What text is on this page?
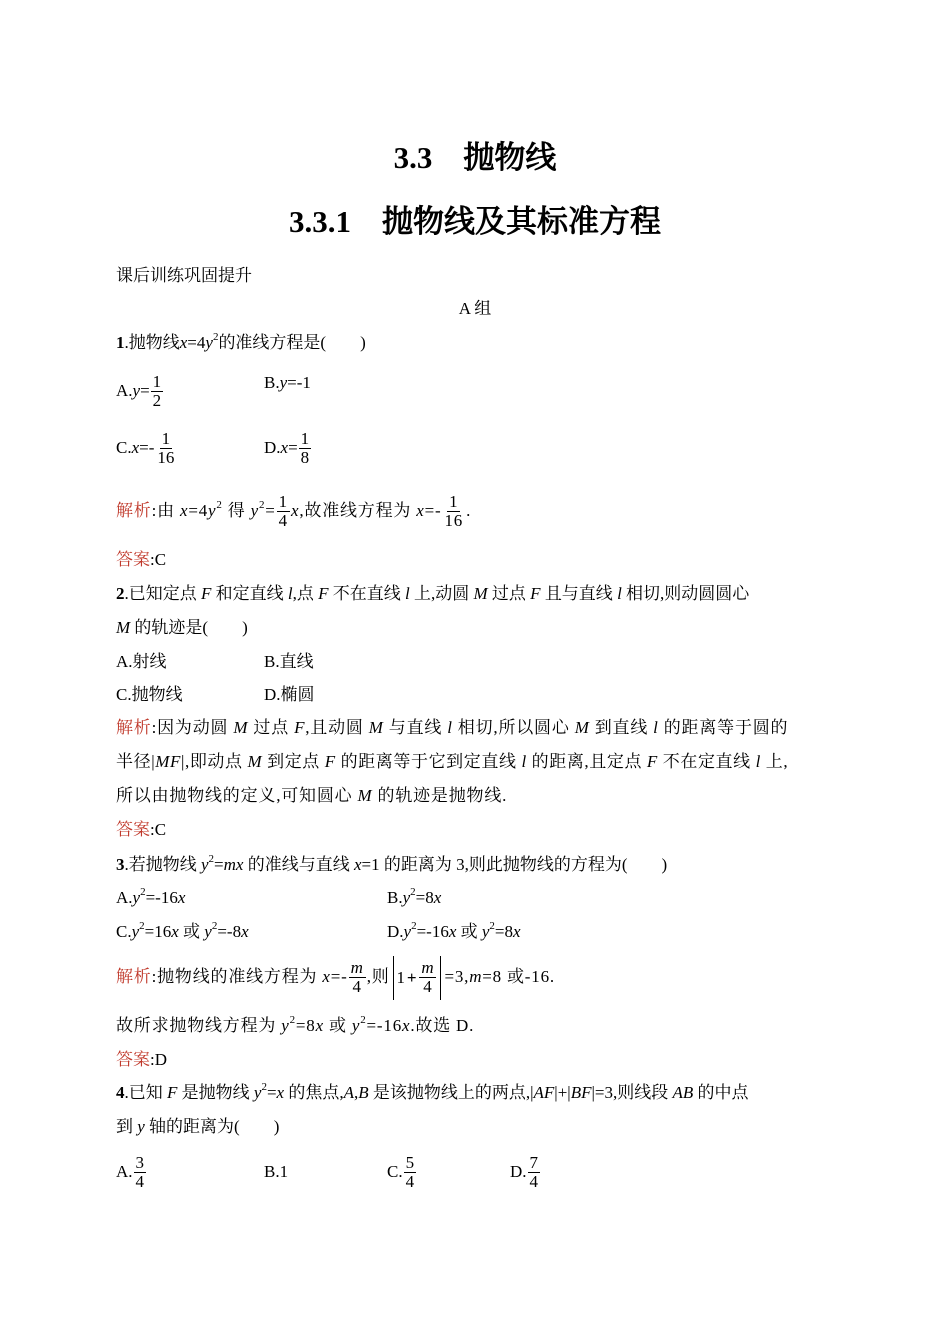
3.3　抛物线
3.3.1　抛物线及其标准方程
课后训练巩固提升
A 组
1.抛物线$x=4y^2$的准线方程是(　　)
$A.y= \frac{1}{2}$	B.y=-1
$C.x=- \frac{1}{16}$	$D.x= \frac{1}{8}$
解析:由 $x=4y^2$ 得 $y^2= \frac{1}{4} x$,故准线方程为 $x=- \frac{1}{16}$ .
答案:C
2.已知定点 F 和定直线 l,点 F 不在直线 l 上,动圆 M 过点 F 且与直线 l 相切,则动圆圆心
M 的轨迹是(　　)
A.射线	B.直线
C.抛物线	D.椭圆
解析:因为动圆 M 过点 F,且动圆 M 与直线 l 相切,所以圆心 M 到直线 l 的距离等于圆的
半径|MF|,即动点 M 到定点 F 的距离等于它到定直线 l 的距离,且定点 F 不在定直线 l 上,
所以由抛物线的定义,可知圆心 M 的轨迹是抛物线.
答案:C
3.若抛物线 $y^2=mx$ 的准线与直线 x=1 的距离为 3,则此抛物线的方程为(　　)
$A.y^2=-16x$	$B.y^2=8x$
$C.y^2=16x$ 或 $y^2=-8x$	$D.y^2=-16x$ 或 $y^2=8x$
解析:抛物线的准线方程为 $x=- \frac{m}{4}$ ,则 $1 + \frac{m}{4} =3,m=8$ 或-16.
故所求抛物线方程为 $y^2=8x$ 或 $y^2=-16x$.故选 D.
答案:D
4.已知 F 是抛物线 $y^2=x$ 的焦点,A,B 是该抛物线上的两点,|AF|+|BF|=3,则线段 AB 的中点
到 y 轴的距离为(　　)
A. $\frac{3}{4}$	B.1	C. $\frac{5}{4}$	D. $\frac{7}{4}$
